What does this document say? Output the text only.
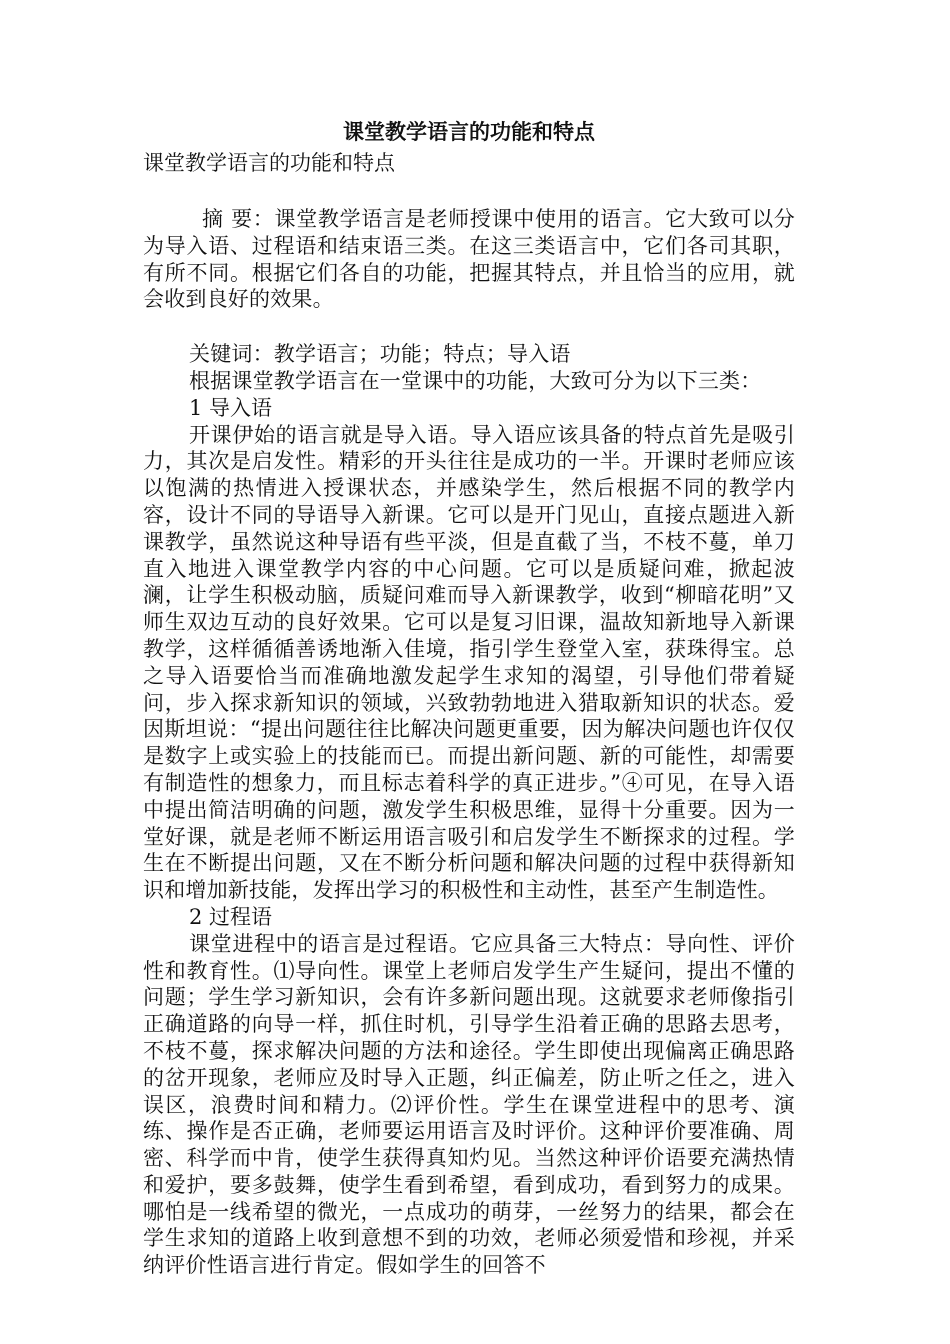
课堂教学语言的功能和特点
课堂教学语言的功能和特点

摘 要：课堂教学语言是老师授课中使用的语言。它大致可以分为导入语、过程语和结束语三类。在这三类语言中，它们各司其职，有所不同。根据它们各自的功能，把握其特点，并且恰当的应用，就会收到良好的效果。

关键词：教学语言；功能；特点；导入语

根据课堂教学语言在一堂课中的功能，大致可分为以下三类：

1 导入语

开课伊始的语言就是导入语。导入语应该具备的特点首先是吸引力，其次是启发性。精彩的开头往往是成功的一半。开课时老师应该以饱满的热情进入授课状态，并感染学生，然后根据不同的教学内容，设计不同的导语导入新课。它可以是开门见山，直接点题进入新课教学，虽然说这种导语有些平淡，但是直截了当，不枝不蔓，单刀直入地进入课堂教学内容的中心问题。它可以是质疑问难，掀起波澜，让学生积极动脑，质疑问难而导入新课教学，收到“柳暗花明”又师生双边互动的良好效果。它可以是复习旧课，温故知新地导入新课教学，这样循循善诱地渐入佳境，指引学生登堂入室，获珠得宝。总之导入语要恰当而准确地激发起学生求知的渴望，引导他们带着疑问，步入探求新知识的领域，兴致勃勃地进入猎取新知识的状态。爱因斯坦说：“提出问题往往比解决问题更重要，因为解决问题也许仅仅是数字上或实验上的技能而已。而提出新问题、新的可能性，却需要有制造性的想象力，而且标志着科学的真正进步。”④可见，在导入语中提出简洁明确的问题，激发学生积极思维，显得十分重要。因为一堂好课，就是老师不断运用语言吸引和启发学生不断探求的过程。学生在不断提出问题，又在不断分析问题和解决问题的过程中获得新知识和增加新技能，发挥出学习的积极性和主动性，甚至产生制造性。

2 过程语

课堂进程中的语言是过程语。它应具备三大特点：导向性、评价性和教育性。⑴导向性。课堂上老师启发学生产生疑问，提出不懂的问题；学生学习新知识，会有许多新问题出现。这就要求老师像指引正确道路的向导一样，抓住时机，引导学生沿着正确的思路去思考，不枝不蔓，探求解决问题的方法和途径。学生即使出现偏离正确思路的岔开现象，老师应及时导入正题，纠正偏差，防止听之任之，进入误区，浪费时间和精力。⑵评价性。学生在课堂进程中的思考、演练、操作是否正确，老师要运用语言及时评价。这种评价要准确、周密、科学而中肯，使学生获得真知灼见。当然这种评价语要充满热情和爱护，要多鼓舞，使学生看到希望，看到成功，看到努力的成果。哪怕是一线希望的微光，一点成功的萌芽，一丝努力的结果，都会在学生求知的道路上收到意想不到的功效，老师必须爱惜和珍视，并采纳评价性语言进行肯定。假如学生的回答不
